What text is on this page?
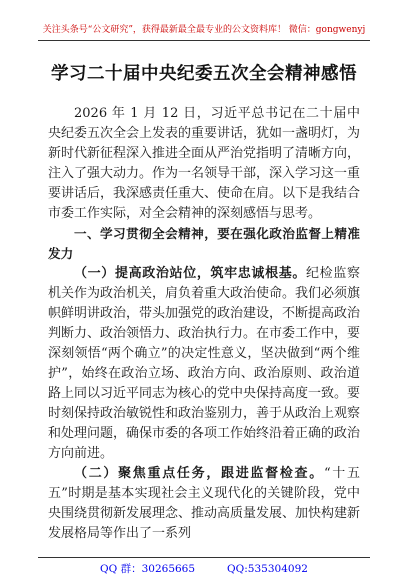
关注头条号“公文研究”，获得最新最全最专业的公文资料库！ 微信：gongwenyj
学习二十届中央纪委五次全会精神感悟

2026 年 1 月 12 日，习近平总书记在二十届中央纪委五次全会上发表的重要讲话，犹如一盏明灯，为新时代新征程深入推进全面从严治党指明了清晰方向，注入了强大动力。作为一名领导干部，深入学习这一重要讲话后，我深感责任重大、使命在肩。以下是我结合市委工作实际，对全会精神的深刻感悟与思考。

一、学习贯彻全会精神，要在强化政治监督上精准发力

（一）提高政治站位，筑牢忠诚根基。纪检监察机关作为政治机关，肩负着重大政治使命。我们必须旗帜鲜明讲政治，带头加强党的政治建设，不断提高政治判断力、政治领悟力、政治执行力。在市委工作中，要深刻领悟“两个确立”的决定性意义，坚决做到“两个维护”，始终在政治立场、政治方向、政治原则、政治道路上同以习近平同志为核心的党中央保持高度一致。要时刻保持政治敏锐性和政治鉴别力，善于从政治上观察和处理问题，确保市委的各项工作始终沿着正确的政治方向前进。

（二）聚焦重点任务，跟进监督检查。“十五五”时期是基本实现社会主义现代化的关键阶段，党中央围绕贯彻新发展理念、推动高质量发展、加快构建新发展格局等作出了一系列

QQ 群：30265665	QQ:535304092
